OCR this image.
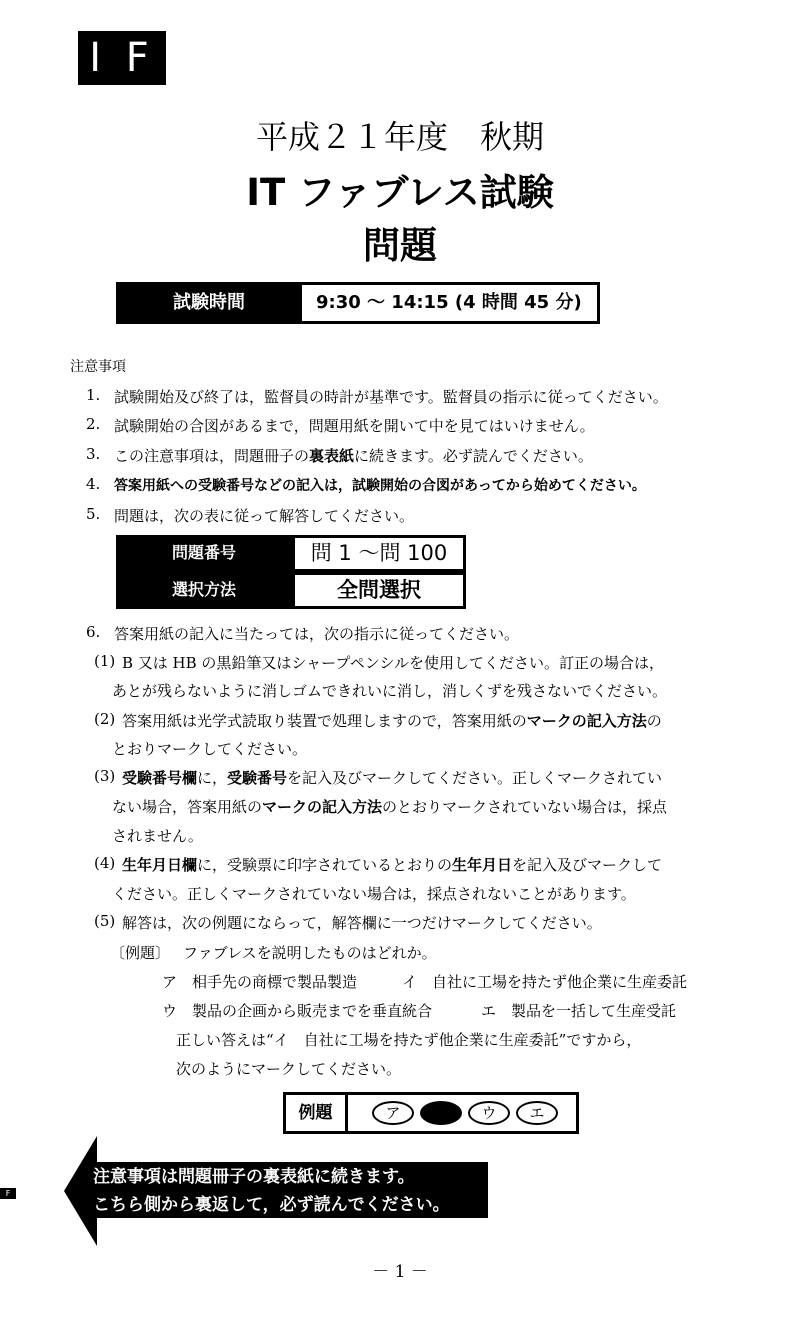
I F
平成２１年度　秋期
IT ファブレス試験
問題
試験時間	9:30 ～ 14:15 (4 時間 45 分)
注意事項
1. 試験開始及び終了は，監督員の時計が基準です。監督員の指示に従ってください。
2. 試験開始の合図があるまで，問題用紙を開いて中を見てはいけません。
3. この注意事項は，問題冊子の裏表紙に続きます。必ず読んでください。
4. 答案用紙への受験番号などの記入は，試験開始の合図があってから始めてください。
5. 問題は，次の表に従って解答してください。
問題番号	問 1 ～問 100
選択方法	全問選択
6. 答案用紙の記入に当たっては，次の指示に従ってください。
(1) B 又は HB の黒鉛筆又はシャープペンシルを使用してください。訂正の場合は，
あとが残らないように消しゴムできれいに消し，消しくずを残さないでください。
(2) 答案用紙は光学式読取り装置で処理しますので，答案用紙のマークの記入方法の
とおりマークしてください。
(3) 受験番号欄に，受験番号を記入及びマークしてください。正しくマークされてい
ない場合，答案用紙のマークの記入方法のとおりマークされていない場合は，採点
されません。
(4) 生年月日欄に，受験票に印字されているとおりの生年月日を記入及びマークして
ください。正しくマークされていない場合は，採点されないことがあります。
(5) 解答は，次の例題にならって，解答欄に一つだけマークしてください。
〔例題〕 ファブレスを説明したものはどれか。
ア　相手先の商標で製品製造	イ　自社に工場を持たず他企業に生産委託
ウ　製品の企画から販売までを垂直統合	エ　製品を一括して生産受託
正しい答えは“イ　自社に工場を持たず他企業に生産委託”ですから，
次のようにマークしてください。
例題	ア	イ	ウ	エ
注意事項は問題冊子の裏表紙に続きます。
こちら側から裏返して，必ず読んでください。
F
－ 1 －
